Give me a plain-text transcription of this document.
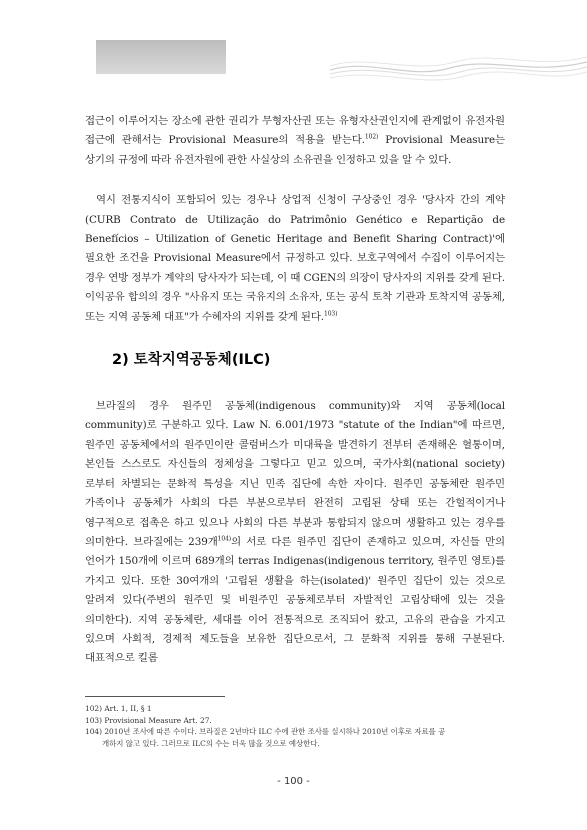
접근이 이루어지는 장소에 관한 권리가 무형자산권 또는 유형자산권인지에 관계없이 유전자원 접근에 관해서는 Provisional Measure의 적용을 받는다.$^{102)}$ Provisional Measure는 상기의 규정에 따라 유전자원에 관한 사실상의 소유권을 인정하고 있을 알 수 있다.

역시 전통지식이 포함되어 있는 경우나 상업적 신청이 구상중인 경우 '당사자 간의 계약(CURB Contrato de Utilização do Patrimônio Genético e Repartição de Benefícios – Utilization of Genetic Heritage and Benefit Sharing Contract)'에 필요한 조건을 Provisional Measure에서 규정하고 있다. 보호구역에서 수집이 이루어지는 경우 연방 정부가 계약의 당사자가 되는데, 이 때 CGEN의 의장이 당사자의 지위를 갖게 된다. 이익공유 합의의 경우 "사유지 또는 국유지의 소유자, 또는 공식 토착 기관과 토착지역 공동체, 또는 지역 공동체 대표"가 수혜자의 지위를 갖게 된다.$^{103)}$

2) 토착지역공동체(ILC)

브라질의 경우 원주민 공동체(indigenous community)와 지역 공동체(local community)로 구분하고 있다. Law N. 6.001/1973 "statute of the Indian"에 따르면, 원주민 공동체에서의 원주민이란 콜럼버스가 미대륙을 발견하기 전부터 존재해온 혈통이며, 본인들 스스로도 자신들의 정체성을 그렇다고 믿고 있으며, 국가사회(national society)로부터 차별되는 문화적 특성을 지닌 민족 집단에 속한 자이다. 원주민 공동체란 원주민 가족이나 공동체가 사회의 다른 부분으로부터 완전히 고립된 상태 또는 간헐적이거나 영구적으로 접촉은 하고 있으나 사회의 다른 부분과 통합되지 않으며 생활하고 있는 경우를 의미한다. 브라질에는 239개$^{104)}$의 서로 다른 원주민 집단이 존재하고 있으며, 자신들 만의 언어가 150개에 이르며 689개의 terras Indigenas(indigenous territory, 원주민 영토)를 가지고 있다. 또한 30여개의 '고립된 생활을 하는(isolated)' 원주민 집단이 있는 것으로 알려져 있다(주변의 원주민 및 비원주민 공동체로부터 자발적인 고립상태에 있는 것을 의미한다). 지역 공동체란, 세대를 이어 전통적으로 조직되어 왔고, 고유의 관습을 가지고 있으며 사회적, 경제적 제도들을 보유한 집단으로서, 그 문화적 지위를 통해 구분된다. 대표적으로 킬롬

102) Art. 1, II, § 1

103) Provisional Measure Art. 27.

104) 2010년 조사에 따른 수이다. 브라질은 2년마다 ILC 수에 관한 조사를 실시하나 2010년 이후로 자료를 공

개하지 않고 있다. 그러므로 ILC의 수는 더욱 많을 것으로 예상한다.

- 100 -
